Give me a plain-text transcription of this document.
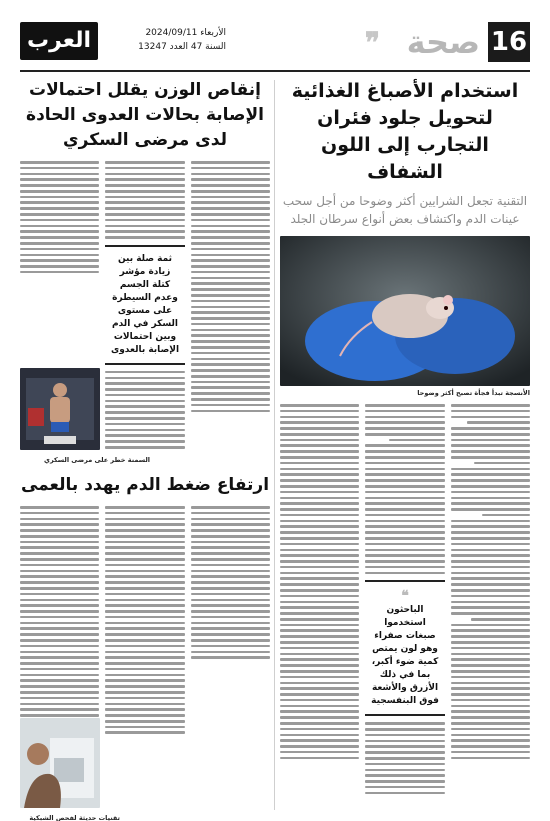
16
صحة
❞
العرب	الأربعاء 2024/09/11
السنة 47 العدد 13247
استخدام الأصباغ الغذائية لتحويل جلود فئران التجارب إلى اللون الشفاف
التقنية تجعل الشرايين أكثر وضوحا من أجل سحب عينات الدم واكتشاف بعض أنواع سرطان الجلد
الأنسجة تبدأ فجأة تصبح أكثر وضوحا
❝
الباحثون استخدموا صبغات صفراء وهو لون يمتص كمية ضوء أكبر، بما في ذلك الأزرق والأشعة فوق البنفسجية
إنقاص الوزن يقلل احتمالات الإصابة بحالات العدوى الحادة لدى مرضى السكري
ثمة صلة بين زيادة مؤشر كتلة الجسم وعدم السيطرة على مستوى السكر في الدم وبين احتمالات الإصابة بالعدوى
السمنة خطر على مرضى السكري
ارتفاع ضغط الدم يهدد بالعمى
تقنيات حديثة لفحص الشبكية
